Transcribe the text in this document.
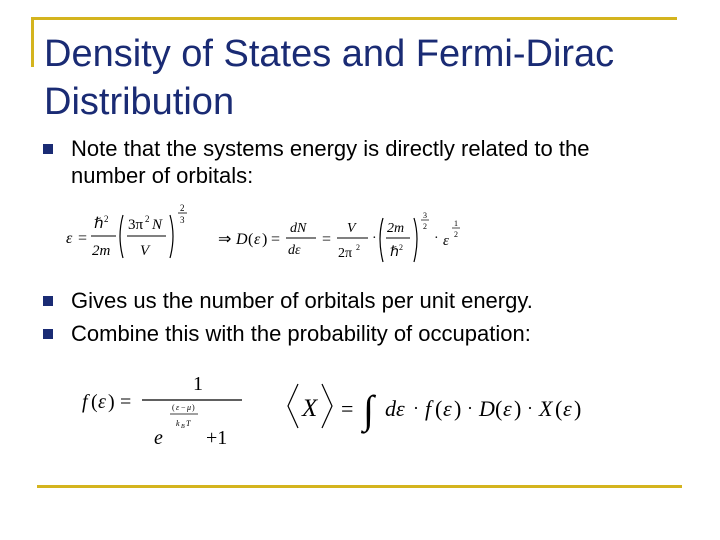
Density of States and Fermi-Dirac Distribution
Note that the systems energy is directly related to the
number of orbitals:
ε =
ℏ 2
2m
3π 2 N
V
2
3
⇒ D ( ε ) =
dN
dε
=
V
2π 2
·
2m
ℏ 2
3
2
· ε
1
2
Gives us the number of orbitals per unit energy.
Combine this with the probability of occupation:
f ( ε ) =
1
( ε − μ )
k B T
e +1
X = ∫ dε · f ( ε ) · D ( ε ) · X ( ε )
